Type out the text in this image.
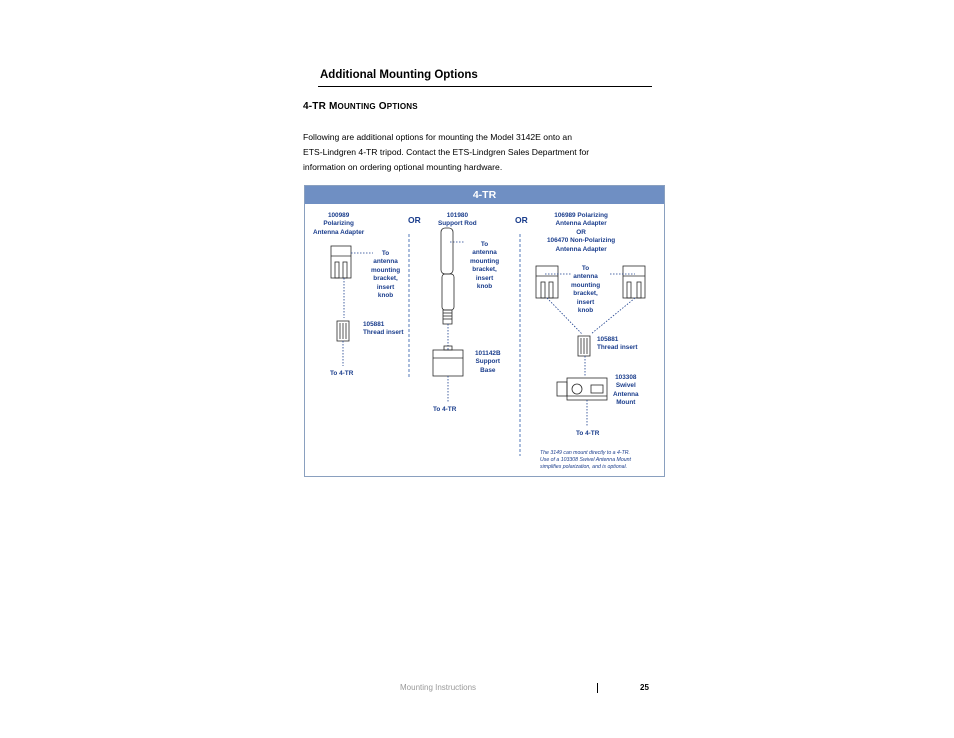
Additional Mounting Options
4-TR MOUNTING OPTIONS
Following are additional options for mounting the Model 3142E onto an
ETS-Lindgren 4-TR tripod. Contact the ETS-Lindgren Sales Department for
information on ordering optional mounting hardware.
4-TR
100989
Polarizing
Antenna Adapter
OR
To
antenna
mounting
bracket,
insert
knob
105881
Thread insert
To 4-TR
101980
Support Rod	OR
To
antenna
mounting
bracket,
insert
knob
101142B
Support
Base
To 4-TR
106989 Polarizing
Antenna Adapter
OR
106470 Non-Polarizing
Antenna Adapter
To
antenna
mounting
bracket,
insert
knob
105881
Thread insert
103308
Swivel
Antenna
Mount
To 4-TR
The 3149 can mount directly to a 4-TR.
Use of a 103308 Swivel Antenna Mount
simplifies polarization, and is optional.
Mounting Instructions	25
